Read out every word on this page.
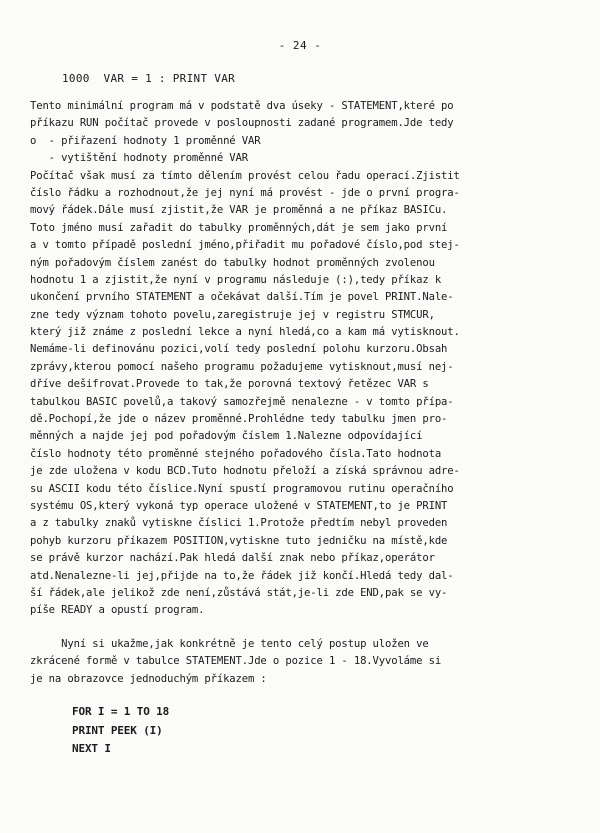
- 24 -
1000  VAR = 1 : PRINT VAR
Tento minimální program má v podstatě dva úseky - STATEMENT,které po
příkazu RUN počítač provede v posloupnosti zadané programem.Jde tedy
o  - přiřazení hodnoty 1 proměnné VAR
- vytištění hodnoty proměnné VAR
Počítač však musí za tímto dělením provést celou řadu operací.Zjistit
číslo řádku a rozhodnout,že jej nyní má provést - jde o první progra-
mový řádek.Dále musí zjistit,že VAR je proměnná a ne příkaz BASICu.
Toto jméno musí zařadit do tabulky proměnných,dát je sem jako první
a v tomto případě poslední jméno,přiřadit mu pořadové číslo,pod stej-
ným pořadovým číslem zanést do tabulky hodnot proměnných zvolenou
hodnotu 1 a zjistit,že nyní v programu následuje (:),tedy příkaz k
ukončení prvního STATEMENT a očekávat další.Tím je povel PRINT.Nale-
zne tedy význam tohoto povelu,zaregistruje jej v registru STMCUR,
který již známe z poslední lekce a nyní hledá,co a kam má vytisknout.
Nemáme-li definovánu pozici,volí tedy poslední polohu kurzoru.Obsah
zprávy,kterou pomocí našeho programu požadujeme vytisknout,musí nej-
dříve dešifrovat.Provede to tak,že porovná textový řetězec VAR s
tabulkou BASIC povelů,a takový samozřejmě nenalezne - v tomto přípa-
dě.Pochopí,že jde o název proměnné.Prohlédne tedy tabulku jmen pro-
měnných a najde jej pod pořadovým číslem 1.Nalezne odpovídající
číslo hodnoty této proměnné stejného pořadového čísla.Tato hodnota
je zde uložena v kodu BCD.Tuto hodnotu přeloží a získá správnou adre-
su ASCII kodu této číslice.Nyní spustí programovou rutinu operačního
systému OS,který vykoná typ operace uložené v STATEMENT,to je PRINT
a z tabulky znaků vytiskne číslici 1.Protože předtím nebyl proveden
pohyb kurzoru příkazem POSITION,vytiskne tuto jedničku na místě,kde
se právě kurzor nachází.Pak hledá další znak nebo příkaz,operátor
atd.Nenalezne-li jej,přijde na to,že řádek již končí.Hledá tedy dal-
ší řádek,ale jelikož zde není,zůstává stát,je-li zde END,pak se vy-
píše READY a opustí program.
Nyní si ukažme,jak konkrétně je tento celý postup uložen ve
zkrácené formě v tabulce STATEMENT.Jde o pozice 1 - 18.Vyvoláme si
je na obrazovce jednoduchým příkazem :
FOR I = 1 TO 18
PRINT PEEK (I)
NEXT I
